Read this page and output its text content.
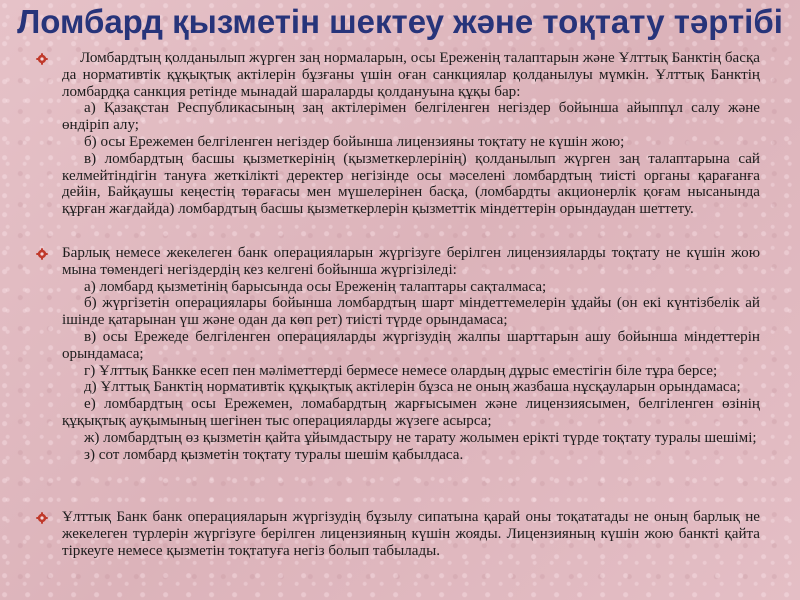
Ломбард қызметін шектеу және тоқтату тәртібі

Ломбардтың қолданылып жүрген заң нормаларын, осы Ереженің талаптарын және Ұлттық Банктің басқа да нормативтік құқықтық актілерін бұзғаны үшін оған санкциялар қолданылуы мүмкін. Ұлттық Банктің ломбардқа санкция ретінде мынадай шараларды қолдануына құқы бар:

а) Қазақстан Республикасының заң актілерімен белгіленген негіздер бойынша айыппұл салу және өндіріп алу;

б) осы Ережемен белгіленген негіздер бойынша лицензияны тоқтату не күшін жою;

в) ломбардтың басшы қызметкерінің (қызметкерлерінің) қолданылып жүрген заң талаптарына сай келмейтіндігін тануға жеткілікті деректер негізінде осы мәселені ломбардтың тиісті органы қарағанға дейін, Байқаушы кеңестің төрағасы мен мүшелерінен басқа, (ломбардты акционерлік қоғам нысанында құрған жағдайда) ломбардтың басшы қызметкерлерін қызметтік міндеттерін орындаудан шеттету.

Барлық немесе жекелеген банк операцияларын жүргізуге берілген лицензияларды тоқтату не күшін жою мына төмендегі негіздердің кез келгені бойынша жүргізіледі:

а) ломбард қызметінің барысында осы Ереженің талаптары сақталмаса;

б) жүргізетін операциялары бойынша ломбардтың шарт міндеттемелерін ұдайы (он екі күнтізбелік ай ішінде қатарынан үш және одан да көп рет) тиісті түрде орындамаса;

в) осы Ережеде белгіленген операцияларды жүргізудің жалпы шарттарын ашу бойынша міндеттерін орындамаса;

г) Ұлттық Банкке есеп пен мәліметтерді бермесе немесе олардың дұрыс еместігін біле тұра берсе;

д) Ұлттық Банктің нормативтік құқықтық актілерін бұзса не оның жазбаша нұсқауларын орындамаса;

е) ломбардтың осы Ережемен, ломабардтың жарғысымен және лицензиясымен, белгіленген өзінің құқықтық ауқымының шегінен тыс операцияларды жүзеге асырса;

ж) ломбардтың өз қызметін қайта ұйымдастыру не тарату жолымен ерікті түрде тоқтату туралы шешімі;

з) сот ломбард қызметін тоқтату туралы шешім қабылдаса.

Ұлттық Банк банк операцияларын жүргізудің бұзылу сипатына қарай оны тоқататады не оның барлық не жекелеген түрлерін жүргізуге берілген лицензияның күшін жояды. Лицензияның күшін жою банкті қайта тіркеуге немесе қызметін тоқтатуға негіз болып табылады.
